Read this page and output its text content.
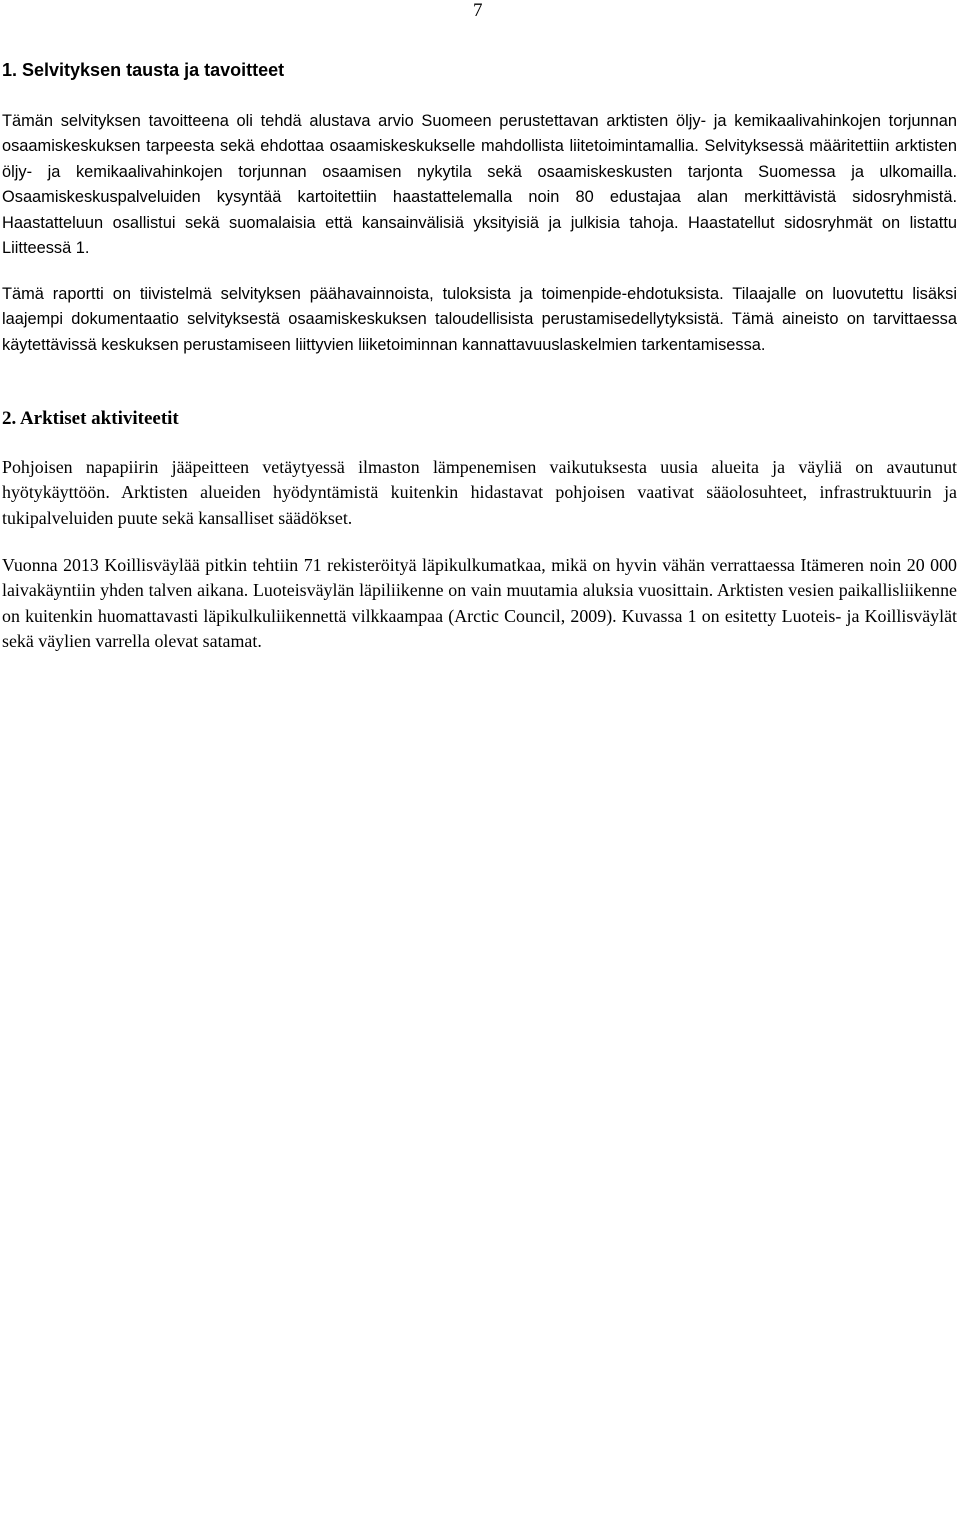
7
1. Selvityksen tausta ja tavoitteet

Tämän selvityksen tavoitteena oli tehdä alustava arvio Suomeen perustettavan arktisten öljy- ja kemikaalivahinkojen torjunnan osaamiskeskuksen tarpeesta sekä ehdottaa osaamiskeskukselle mahdollista liitetoimintamallia. Selvityksessä määritettiin arktisten öljy- ja kemikaalivahinkojen torjunnan osaamisen nykytila sekä osaamiskeskusten tarjonta Suomessa ja ulkomailla. Osaamiskeskuspalveluiden kysyntää kartoitettiin haastattelemalla noin 80 edustajaa alan merkittävistä sidosryhmistä. Haastatteluun osallistui sekä suomalaisia että kansainvälisiä yksityisiä ja julkisia tahoja. Haastatellut sidosryhmät on listattu Liitteessä 1.

Tämä raportti on tiivistelmä selvityksen päähavainnoista, tuloksista ja toimenpide-ehdotuksista. Tilaajalle on luovutettu lisäksi laajempi dokumentaatio selvityksestä osaamiskeskuksen taloudellisista perustamisedellytyksistä. Tämä aineisto on tarvittaessa käytettävissä keskuksen perustamiseen liittyvien liiketoiminnan kannattavuuslaskelmien tarkentamisessa.

2. Arktiset aktiviteetit

Pohjoisen napapiirin jääpeitteen vetäytyessä ilmaston lämpenemisen vaikutuksesta uusia alueita ja väyliä on avautunut hyötykäyttöön. Arktisten alueiden hyödyntämistä kuitenkin hidastavat pohjoisen vaativat sääolosuhteet, infrastruktuurin ja tukipalveluiden puute sekä kansalliset säädökset.

Vuonna 2013 Koillisväylää pitkin tehtiin 71 rekisteröityä läpikulkumatkaa, mikä on hyvin vähän verrattaessa Itämeren noin 20 000 laivakäyntiin yhden talven aikana. Luoteisväylän läpiliikenne on vain muutamia aluksia vuosittain. Arktisten vesien paikallisliikenne on kuitenkin huomattavasti läpikulkuliikennettä vilkkaampaa (Arctic Council, 2009). Kuvassa 1 on esitetty Luoteis- ja Koillisväylät sekä väylien varrella olevat satamat.
